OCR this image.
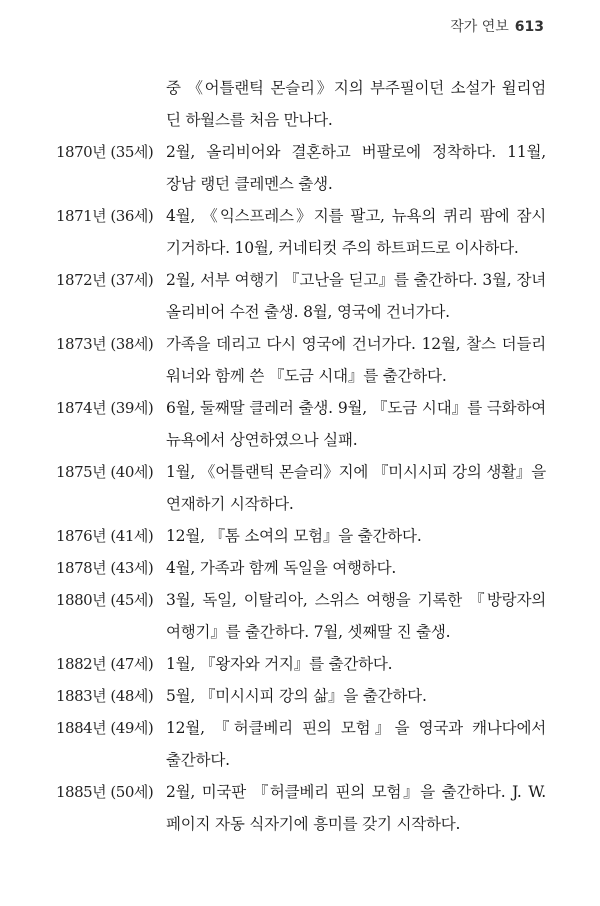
작가 연보 613
중 《어틀랜틱 몬슬리》지의 부주필이던 소설가 윌리엄 딘 하월스를 처음 만나다.
1870년 (35세) 2월, 올리비어와 결혼하고 버팔로에 정착하다. 11월, 장남 랭던 클레멘스 출생.
1871년 (36세) 4월, 《익스프레스》지를 팔고, 뉴욕의 퀴리 팜에 잠시 기거하다. 10월, 커네티컷 주의 하트퍼드로 이사하다.
1872년 (37세) 2월, 서부 여행기 『고난을 딛고』를 출간하다. 3월, 장녀 올리비어 수전 출생. 8월, 영국에 건너가다.
1873년 (38세) 가족을 데리고 다시 영국에 건너가다. 12월, 찰스 더들리 워너와 함께 쓴 『도금 시대』를 출간하다.
1874년 (39세) 6월, 둘째딸 클레러 출생. 9월, 『도금 시대』를 극화하여 뉴욕에서 상연하였으나 실패.
1875년 (40세) 1월, 《어틀랜틱 몬슬리》지에 『미시시피 강의 생활』을 연재하기 시작하다.
1876년 (41세) 12월, 『톰 소여의 모험』을 출간하다.
1878년 (43세) 4월, 가족과 함께 독일을 여행하다.
1880년 (45세) 3월, 독일, 이탈리아, 스위스 여행을 기록한 『방랑자의 여행기』를 출간하다. 7월, 셋째딸 진 출생.
1882년 (47세) 1월, 『왕자와 거지』를 출간하다.
1883년 (48세) 5월, 『미시시피 강의 삶』을 출간하다.
1884년 (49세) 12월, 『허클베리 핀의 모험』을 영국과 캐나다에서 출간하다.
1885년 (50세) 2월, 미국판 『허클베리 핀의 모험』을 출간하다. J. W. 페이지 자동 식자기에 흥미를 갖기 시작하다.
